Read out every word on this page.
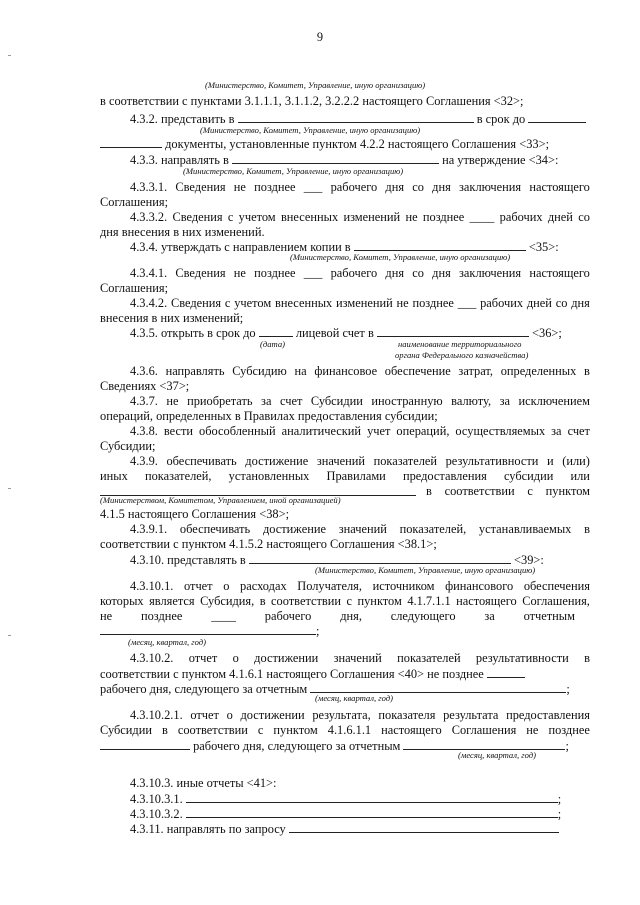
9
(Министерство, Комитет, Управление, иную организацию)
в соответствии с пунктами 3.1.1.1, 3.1.1.2, 3.2.2.2 настоящего Соглашения <32>;
4.3.2. представить в	в срок до
(Министерство, Комитет, Управление, иную организацию)
документы, установленные пунктом 4.2.2 настоящего Соглашения <33>;
4.3.3. направлять в	на утверждение <34>:
(Министерство, Комитет, Управление, иную организацию)
4.3.3.1. Сведения не позднее ___ рабочего дня со дня заключения настоящего
Соглашения;
4.3.3.2. Сведения с учетом внесенных изменений не позднее ____ рабочих дней со
дня внесения в них изменений.
4.3.4. утверждать с направлением копии в	<35>:
(Министерство, Комитет, Управление, иную организацию)
4.3.4.1. Сведения не позднее ___ рабочего дня со дня заключения настоящего
Соглашения;
4.3.4.2. Сведения с учетом внесенных изменений не позднее ___ рабочих дней со дня
внесения в них изменений;
4.3.5. открыть в срок до	лицевой счет в	<36>;
(дата)	наименование территориального
органа Федерального казначейства)
4.3.6. направлять Субсидию на финансовое обеспечение затрат, определенных в
Сведениях <37>;
4.3.7. не приобретать за счет Субсидии иностранную валюту, за исключением
операций, определенных в Правилах предоставления субсидии;
4.3.8. вести обособленный аналитический учет операций, осуществляемых за счет
Субсидии;
4.3.9. обеспечивать достижение значений показателей результативности и (или)
иных показателей, установленных Правилами предоставления субсидии или
в соответствии с пунктом
(Министерством, Комитетом, Управлением, иной организацией)
4.1.5 настоящего Соглашения <38>;
4.3.9.1. обеспечивать достижение значений показателей, устанавливаемых в
соответствии с пунктом 4.1.5.2 настоящего Соглашения <38.1>;
4.3.10. представлять в	<39>:
(Министерство, Комитет, Управление, иную организацию)
4.3.10.1. отчет о расходах Получателя, источником финансового обеспечения
которых является Субсидия, в соответствии с пунктом 4.1.7.1.1 настоящего Соглашения,
не позднее ____ рабочего дня, следующего за отчетным
;
(месяц, квартал, год)
4.3.10.2. отчет о достижении значений показателей результативности в
соответствии с пунктом 4.1.6.1 настоящего Соглашения <40> не позднее
рабочего дня, следующего за отчетным	;
(месяц, квартал, год)
4.3.10.2.1. отчет о достижении результата, показателя результата предоставления
Субсидии в соответствии с пунктом 4.1.6.1.1 настоящего Соглашения не позднее
рабочего дня, следующего за отчетным	;
(месяц, квартал, год)
4.3.10.3. иные отчеты <41>:
4.3.10.3.1.	;
4.3.10.3.2.	;
4.3.11. направлять по запросу
